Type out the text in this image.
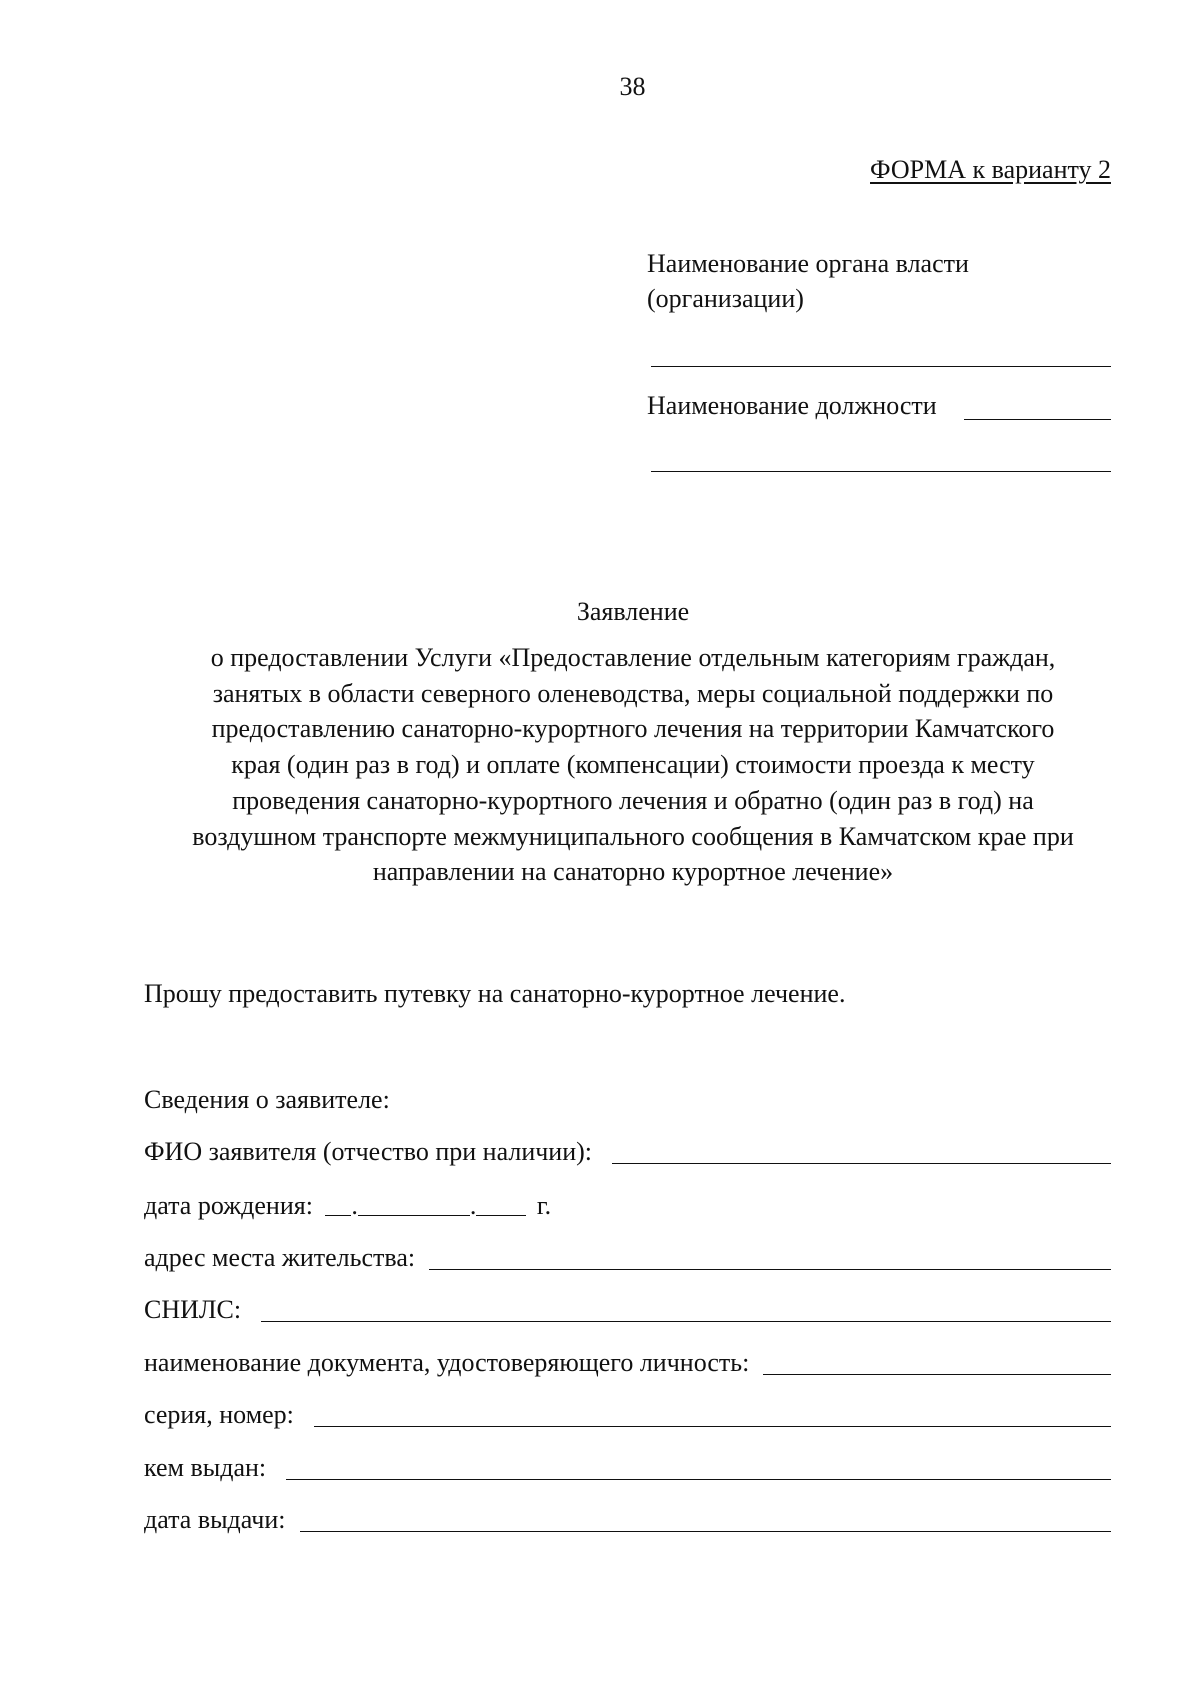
38
ФОРМА к варианту 2
Наименование органа власти
(организации)
Наименование должности
Заявление
о предоставлении Услуги «Предоставление отдельным категориям граждан,
занятых в области северного оленеводства, меры социальной поддержки по
предоставлению санаторно-курортного лечения на территории Камчатского
края (один раз в год) и оплате (компенсации) стоимости проезда к месту
проведения санаторно-курортного лечения и обратно (один раз в год) на
воздушном транспорте межмуниципального сообщения в Камчатском крае при
направлении на санаторно курортное лечение»
Прошу предоставить путевку на санаторно-курортное лечение.
Сведения о заявителе:
ФИО заявителя (отчество при наличии):
дата рождения: .	. г.
адрес места жительства:
СНИЛС:
наименование документа, удостоверяющего личность:
серия, номер:
кем выдан:
дата выдачи:
